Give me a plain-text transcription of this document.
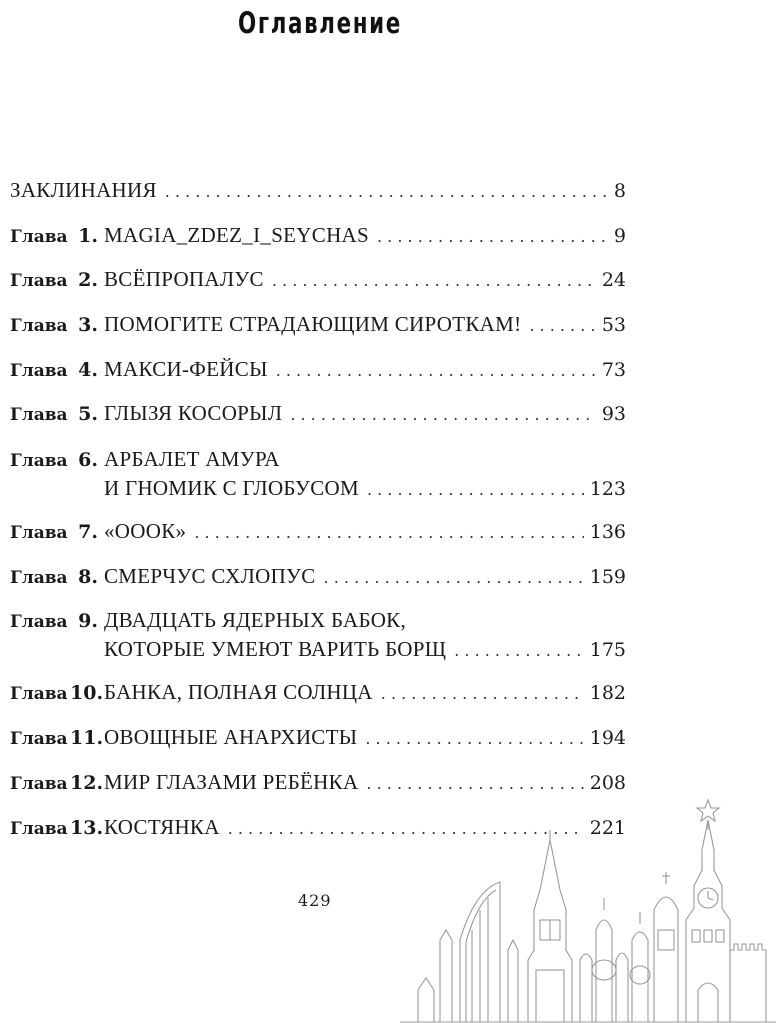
Оглавление
ЗАКЛИНАНИЯ . . .	8
Глава 1. MAGIA_ZDEZ_I_SEYCHAS . . .	9
Глава 2. ВСЁПРОПАЛУС . . .	24
Глава 3. ПОМОГИТЕ СТРАДАЮЩИМ СИРОТКАМ! . . .	53
Глава 4. МАКСИ-ФЕЙСЫ . . .	73
Глава 5. ГЛЫЗЯ КОСОРЫЛ . . .	93
Глава 6. АРБАЛЕТ АМУРА
И ГНОМИК С ГЛОБУСОМ . . .	123
Глава 7. «ОООК» . . .	136
Глава 8. СМЕРЧУС СХЛОПУС . . .	159
Глава 9. ДВАДЦАТЬ ЯДЕРНЫХ БАБОК,
КОТОРЫЕ УМЕЮТ ВАРИТЬ БОРЩ . . .	175
Глава 10. БАНКА, ПОЛНАЯ СОЛНЦА . . .	182
Глава 11. ОВОЩНЫЕ АНАРХИСТЫ . . .	194
Глава 12. МИР ГЛАЗАМИ РЕБЁНКА . . .	208
Глава 13. КОСТЯНКА . . .	221
429
